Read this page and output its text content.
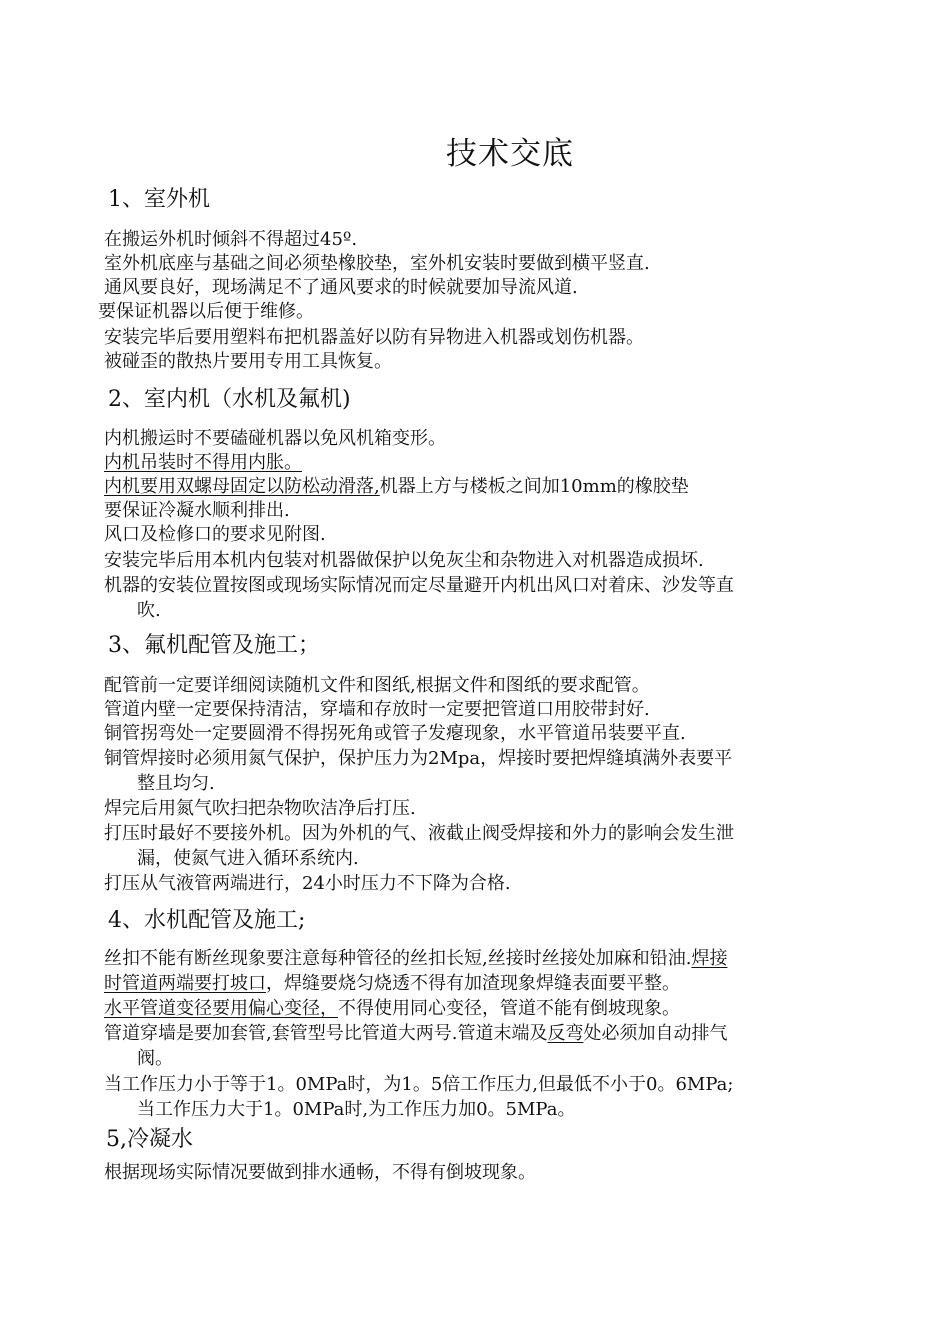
技术交底
1、室外机
在搬运外机时倾斜不得超过45º.
室外机底座与基础之间必须垫橡胶垫，室外机安装时要做到横平竖直.
通风要良好，现场满足不了通风要求的时候就要加导流风道.
要保证机器以后便于维修。
安装完毕后要用塑料布把机器盖好以防有异物进入机器或划伤机器。
被碰歪的散热片要用专用工具恢复。
2、室内机（水机及氟机)
内机搬运时不要磕碰机器以免风机箱变形。
内机吊装时不得用内胀。
内机要用双螺母固定以防松动滑落,机器上方与楼板之间加10mm的橡胶垫
要保证冷凝水顺利排出.
风口及检修口的要求见附图.
安装完毕后用本机内包装对机器做保护以免灰尘和杂物进入对机器造成损坏.
机器的安装位置按图或现场实际情况而定尽量避开内机出风口对着床、沙发等直
吹.
3、氟机配管及施工；
配管前一定要详细阅读随机文件和图纸,根据文件和图纸的要求配管。
管道内壁一定要保持清洁，穿墙和存放时一定要把管道口用胶带封好.
铜管拐弯处一定要圆滑不得拐死角或管子发瘪现象，水平管道吊装要平直.
铜管焊接时必须用氮气保护，保护压力为2Mpa，焊接时要把焊缝填满外表要平
整且均匀.
焊完后用氮气吹扫把杂物吹洁净后打压.
打压时最好不要接外机。因为外机的气、液截止阀受焊接和外力的影响会发生泄
漏，使氮气进入循环系统内.
打压从气液管两端进行，24小时压力不下降为合格.
4、水机配管及施工;
丝扣不能有断丝现象要注意每种管径的丝扣长短,丝接时丝接处加麻和铅油.焊接
时管道两端要打坡口，焊缝要烧匀烧透不得有加渣现象焊缝表面要平整。
水平管道变径要用偏心变径，不得使用同心变径，管道不能有倒坡现象。
管道穿墙是要加套管,套管型号比管道大两号.管道末端及反弯处必须加自动排气
阀。
当工作压力小于等于1。0MPa时，为1。5倍工作压力,但最低不小于0。6MPa;
当工作压力大于1。0MPa时,为工作压力加0。5MPa。
5,冷凝水
根据现场实际情况要做到排水通畅，不得有倒坡现象。
